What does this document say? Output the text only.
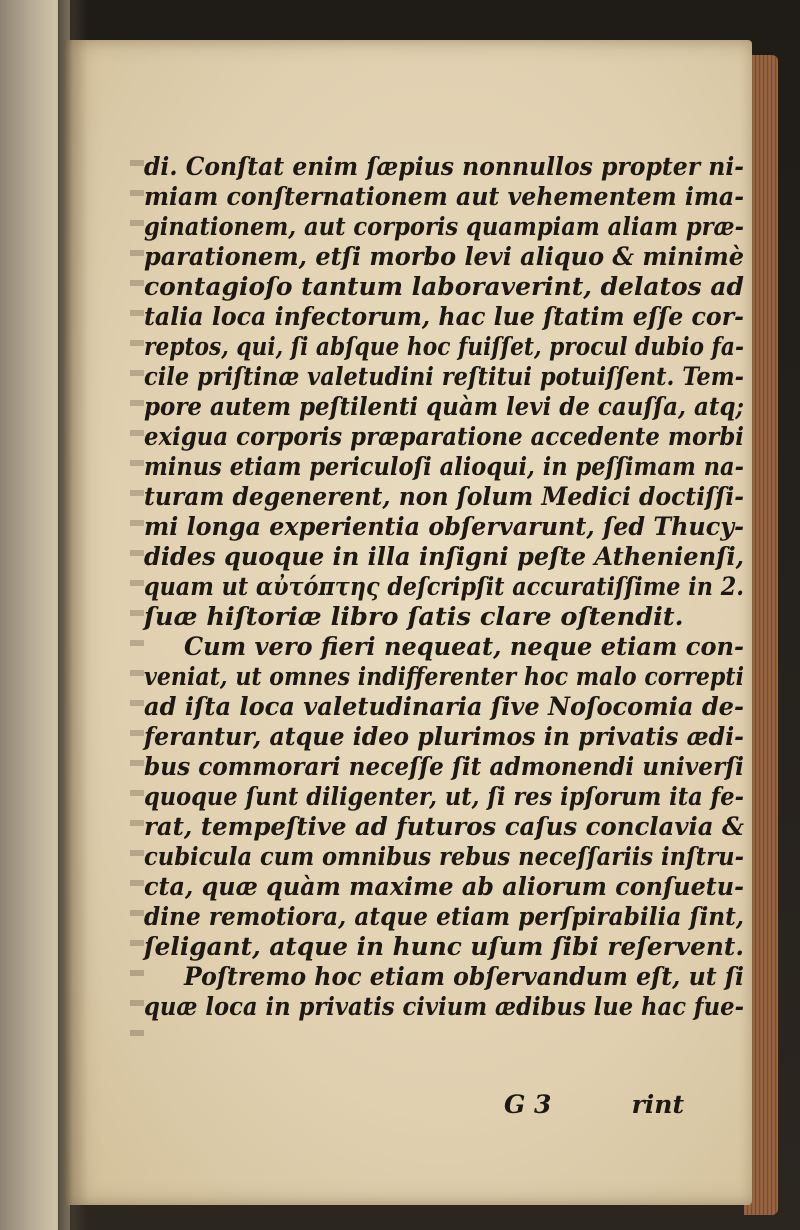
di. Conſtat enim ſæpius nonnullos propter ni-
miam conſternationem aut vehementem ima-
ginationem, aut corporis quampiam aliam præ-
parationem, etſi morbo levi aliquo & minimè
contagioſo tantum laboraverint, delatos ad
talia loca infectorum, hac lue ſtatim eſſe cor-
reptos, qui, ſi abſque hoc fuiſſet, procul dubio fa-
cile priſtinæ valetudini reſtitui potuiſſent. Tem-
pore autem peſtilenti quàm levi de cauſſa, atq;
exigua corporis præparatione accedente morbi
minus etiam periculoſi alioqui, in peſſimam na-
turam degenerent, non ſolum Medici doctiſſi-
mi longa experientia obſervarunt, ſed Thucy-
dides quoque in illa inſigni peſte Athenienſi,
quam ut αὐτόπτης deſcripſit accuratiſſime in 2.
ſuæ hiſtoriæ libro ſatis clare oſtendit.
Cum vero fieri nequeat, neque etiam con-
veniat, ut omnes indifferenter hoc malo correpti
ad iſta loca valetudinaria ſive Noſocomia de-
ferantur, atque ideo plurimos in privatis ædi-
bus commorari neceſſe ſit admonendi univerſi
quoque ſunt diligenter, ut, ſi res ipſorum ita fe-
rat, tempeſtive ad futuros caſus conclavia &
cubicula cum omnibus rebus neceſſariis inſtru-
cta, quæ quàm maxime ab aliorum conſuetu-
dine remotiora, atque etiam perſpirabilia ſint,
ſeligant, atque in hunc uſum ſibi reſervent.
Poſtremo hoc etiam obſervandum eſt, ut ſi
quæ loca in privatis civium ædibus lue hac fue-
G 3	rint
